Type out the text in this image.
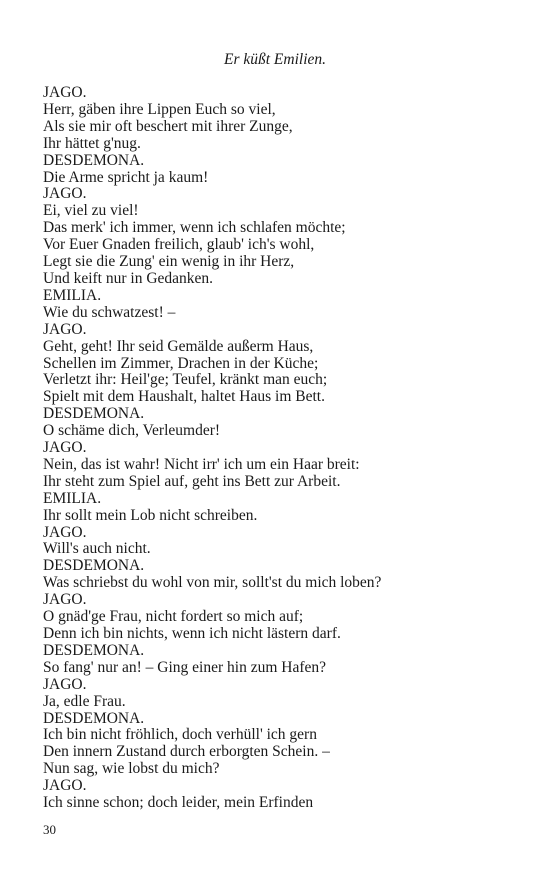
Er küßt Emilien.

JAGO.
Herr, gäben ihre Lippen Euch so viel,
Als sie mir oft beschert mit ihrer Zunge,
Ihr hättet g'nug.
DESDEMONA.
Die Arme spricht ja kaum!
JAGO.
Ei, viel zu viel!
Das merk' ich immer, wenn ich schlafen möchte;
Vor Euer Gnaden freilich, glaub' ich's wohl,
Legt sie die Zung' ein wenig in ihr Herz,
Und keift nur in Gedanken.
EMILIA.
Wie du schwatzest! –
JAGO.
Geht, geht! Ihr seid Gemälde außerm Haus,
Schellen im Zimmer, Drachen in der Küche;
Verletzt ihr: Heil'ge; Teufel, kränkt man euch;
Spielt mit dem Haushalt, haltet Haus im Bett.
DESDEMONA.
O schäme dich, Verleumder!
JAGO.
Nein, das ist wahr! Nicht irr' ich um ein Haar breit:
Ihr steht zum Spiel auf, geht ins Bett zur Arbeit.
EMILIA.
Ihr sollt mein Lob nicht schreiben.
JAGO.
Will's auch nicht.
DESDEMONA.
Was schriebst du wohl von mir, sollt'st du mich loben?
JAGO.
O gnäd'ge Frau, nicht fordert so mich auf;
Denn ich bin nichts, wenn ich nicht lästern darf.
DESDEMONA.
So fang' nur an! – Ging einer hin zum Hafen?
JAGO.
Ja, edle Frau.
DESDEMONA.
Ich bin nicht fröhlich, doch verhüll' ich gern
Den innern Zustand durch erborgten Schein. –
Nun sag, wie lobst du mich?
JAGO.
Ich sinne schon; doch leider, mein Erfinden

30
